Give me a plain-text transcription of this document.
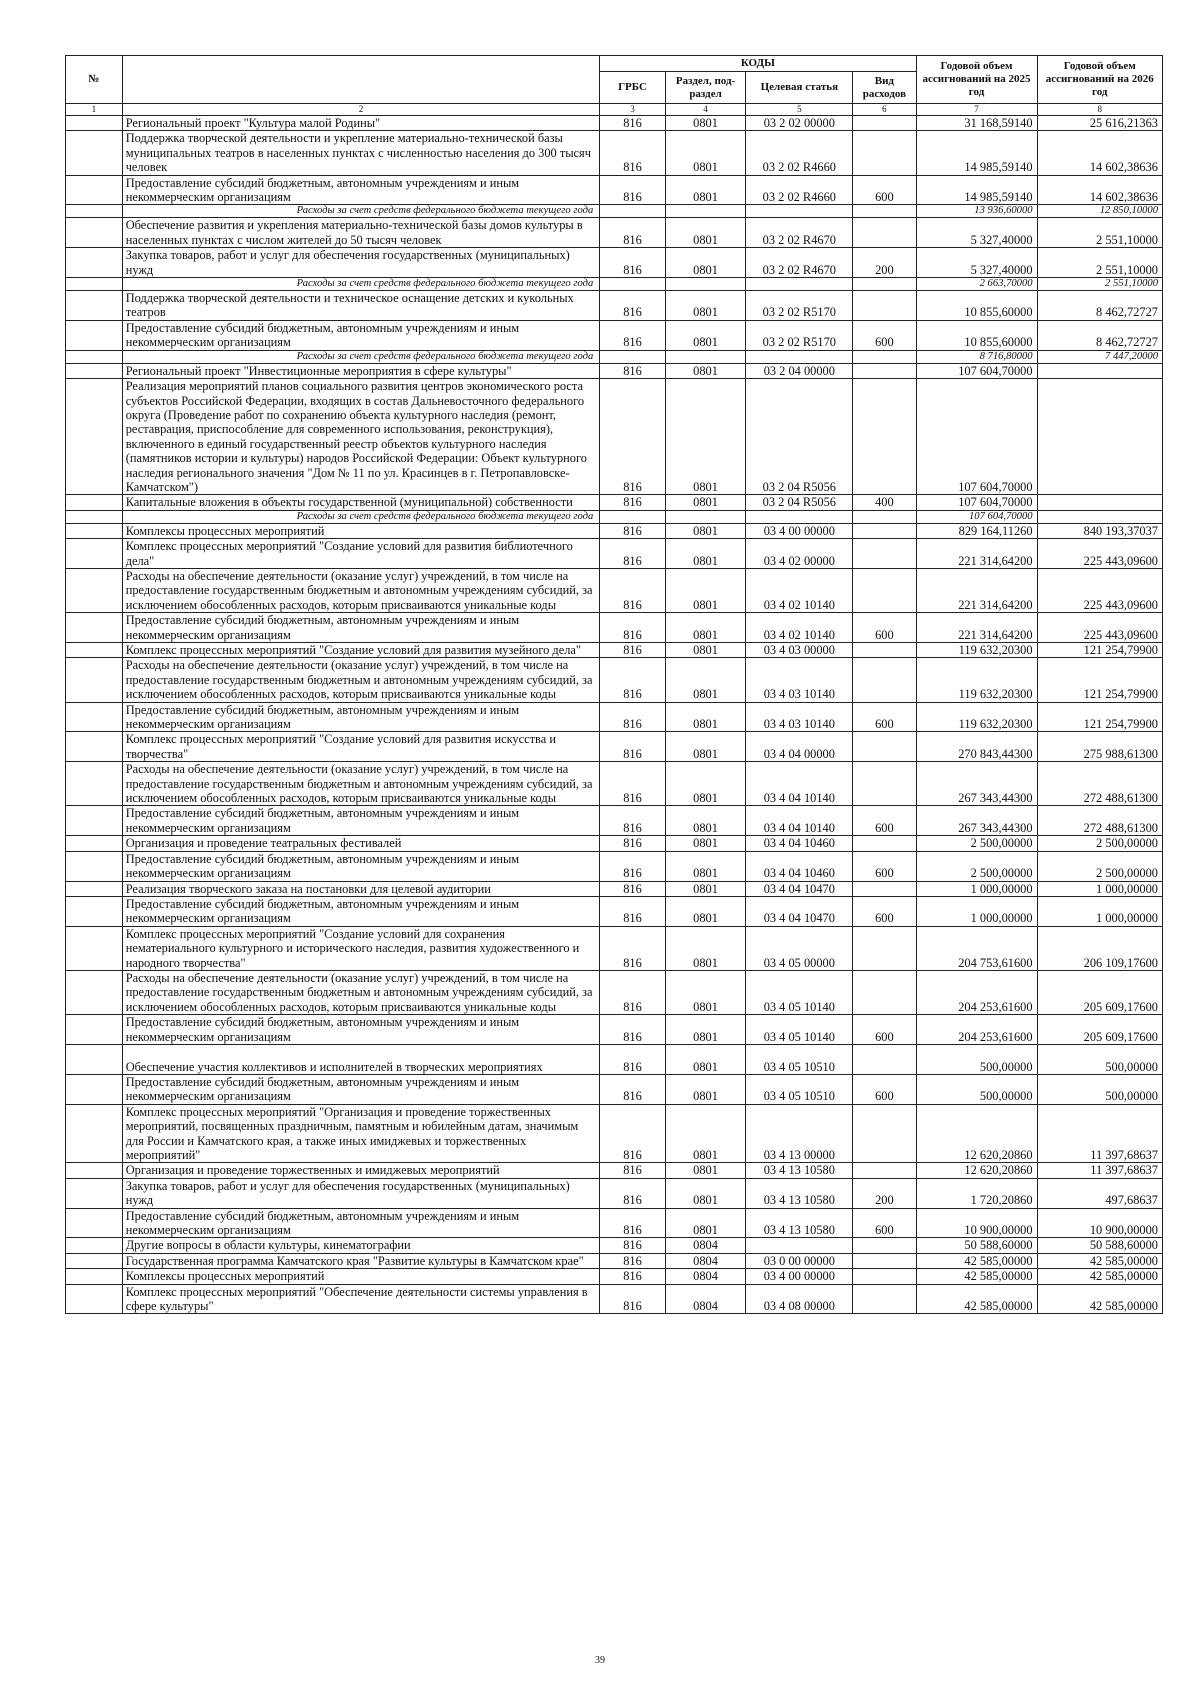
№		КОДЫ				Годовой объем ассигнований на 2025 год	Годовой объем ассигнований на 2026 год
		ГРБС	Раздел, под-раздел	Целевая статья	Вид расходов		
1	2	3	4	5	6	7	8
	Региональный проект "Культура малой Родины"	816	0801	03 2 02 00000		31 168,59140	25 616,21363
	Поддержка творческой деятельности и укрепление материально-технической базы муниципальных театров в населенных пунктах с численностью населения до 300 тысяч человек	816	0801	03 2 02 R4660		14 985,59140	14 602,38636
	Предоставление субсидий бюджетным, автономным учреждениям и иным некоммерческим организациям	816	0801	03 2 02 R4660	600	14 985,59140	14 602,38636
	Расходы за счет средств федерального бюджета текущего года					13 936,60000	12 850,10000
	Обеспечение развития и укрепления материально-технической базы домов культуры в населенных пунктах с числом жителей до 50 тысяч человек	816	0801	03 2 02 R4670		5 327,40000	2 551,10000
	Закупка товаров, работ и услуг для обеспечения государственных (муниципальных) нужд	816	0801	03 2 02 R4670	200	5 327,40000	2 551,10000
	Расходы за счет средств федерального бюджета текущего года					2 663,70000	2 551,10000
	Поддержка творческой деятельности и техническое оснащение детских и кукольных театров	816	0801	03 2 02 R5170		10 855,60000	8 462,72727
	Предоставление субсидий бюджетным, автономным учреждениям и иным некоммерческим организациям	816	0801	03 2 02 R5170	600	10 855,60000	8 462,72727
	Расходы за счет средств федерального бюджета текущего года					8 716,80000	7 447,20000
	Региональный проект "Инвестиционные мероприятия в сфере культуры"	816	0801	03 2 04 00000		107 604,70000	
	Реализация мероприятий планов социального развития центров экономического роста субъектов Российской Федерации, входящих в состав Дальневосточного федерального округа (Проведение работ по сохранению объекта культурного наследия (ремонт, реставрация, приспособление для современного использования, реконструкция), включенного в единый государственный реестр объектов культурного наследия (памятников истории и культуры) народов Российской Федерации: Объект культурного наследия регионального значения "Дом № 11 по ул. Красинцев в г. Петропавловске-Камчатском")	816	0801	03 2 04 R5056		107 604,70000	
	Капитальные вложения в объекты государственной (муниципальной) собственности	816	0801	03 2 04 R5056	400	107 604,70000	
	Расходы за счет средств федерального бюджета текущего года					107 604,70000	
	Комплексы процессных мероприятий	816	0801	03 4 00 00000		829 164,11260	840 193,37037
	Комплекс процессных мероприятий "Создание условий для развития библиотечного дела"	816	0801	03 4 02 00000		221 314,64200	225 443,09600
	Расходы на обеспечение деятельности (оказание услуг) учреждений, в том числе на предоставление государственным бюджетным и автономным учреждениям субсидий, за исключением обособленных расходов, которым присваиваются уникальные коды	816	0801	03 4 02 10140		221 314,64200	225 443,09600
	Предоставление субсидий бюджетным, автономным учреждениям и иным некоммерческим организациям	816	0801	03 4 02 10140	600	221 314,64200	225 443,09600
	Комплекс процессных мероприятий "Создание условий для развития музейного дела"	816	0801	03 4 03 00000		119 632,20300	121 254,79900
	Расходы на обеспечение деятельности (оказание услуг) учреждений, в том числе на предоставление государственным бюджетным и автономным учреждениям субсидий, за исключением обособленных расходов, которым присваиваются уникальные коды	816	0801	03 4 03 10140		119 632,20300	121 254,79900
	Предоставление субсидий бюджетным, автономным учреждениям и иным некоммерческим организациям	816	0801	03 4 03 10140	600	119 632,20300	121 254,79900
	Комплекс процессных мероприятий "Создание условий для развития искусства и творчества"	816	0801	03 4 04 00000		270 843,44300	275 988,61300
	Расходы на обеспечение деятельности (оказание услуг) учреждений, в том числе на предоставление государственным бюджетным и автономным учреждениям субсидий, за исключением обособленных расходов, которым присваиваются уникальные коды	816	0801	03 4 04 10140		267 343,44300	272 488,61300
	Предоставление субсидий бюджетным, автономным учреждениям и иным некоммерческим организациям	816	0801	03 4 04 10140	600	267 343,44300	272 488,61300
	Организация и проведение театральных фестивалей	816	0801	03 4 04 10460		2 500,00000	2 500,00000
	Предоставление субсидий бюджетным, автономным учреждениям и иным некоммерческим организациям	816	0801	03 4 04 10460	600	2 500,00000	2 500,00000
	Реализация творческого заказа на постановки для целевой аудитории	816	0801	03 4 04 10470		1 000,00000	1 000,00000
	Предоставление субсидий бюджетным, автономным учреждениям и иным некоммерческим организациям	816	0801	03 4 04 10470	600	1 000,00000	1 000,00000
	Комплекс процессных мероприятий "Создание условий для сохранения нематериального культурного и исторического наследия, развития художественного и народного творчества"	816	0801	03 4 05 00000		204 753,61600	206 109,17600
	Расходы на обеспечение деятельности (оказание услуг) учреждений, в том числе на предоставление государственным бюджетным и автономным учреждениям субсидий, за исключением обособленных расходов, которым присваиваются уникальные коды	816	0801	03 4 05 10140		204 253,61600	205 609,17600
	Предоставление субсидий бюджетным, автономным учреждениям и иным некоммерческим организациям	816	0801	03 4 05 10140	600	204 253,61600	205 609,17600
	Обеспечение участия коллективов и исполнителей в творческих мероприятиях	816	0801	03 4 05 10510		500,00000	500,00000
	Предоставление субсидий бюджетным, автономным учреждениям и иным некоммерческим организациям	816	0801	03 4 05 10510	600	500,00000	500,00000
	Комплекс процессных мероприятий "Организация и проведение торжественных мероприятий, посвященных праздничным, памятным и юбилейным датам, значимым для России и Камчатского края, а также иных имиджевых и торжественных мероприятий"	816	0801	03 4 13 00000		12 620,20860	11 397,68637
	Организация и проведение торжественных и имиджевых мероприятий	816	0801	03 4 13 10580		12 620,20860	11 397,68637
	Закупка товаров, работ и услуг для обеспечения государственных (муниципальных) нужд	816	0801	03 4 13 10580	200	1 720,20860	497,68637
	Предоставление субсидий бюджетным, автономным учреждениям и иным некоммерческим организациям	816	0801	03 4 13 10580	600	10 900,00000	10 900,00000
	Другие вопросы в области культуры, кинематографии	816	0804			50 588,60000	50 588,60000
	Государственная программа Камчатского края "Развитие культуры в Камчатском крае"	816	0804	03 0 00 00000		42 585,00000	42 585,00000
	Комплексы процессных мероприятий	816	0804	03 4 00 00000		42 585,00000	42 585,00000
	Комплекс процессных мероприятий "Обеспечение деятельности системы управления в сфере культуры"	816	0804	03 4 08 00000		42 585,00000	42 585,00000
39
